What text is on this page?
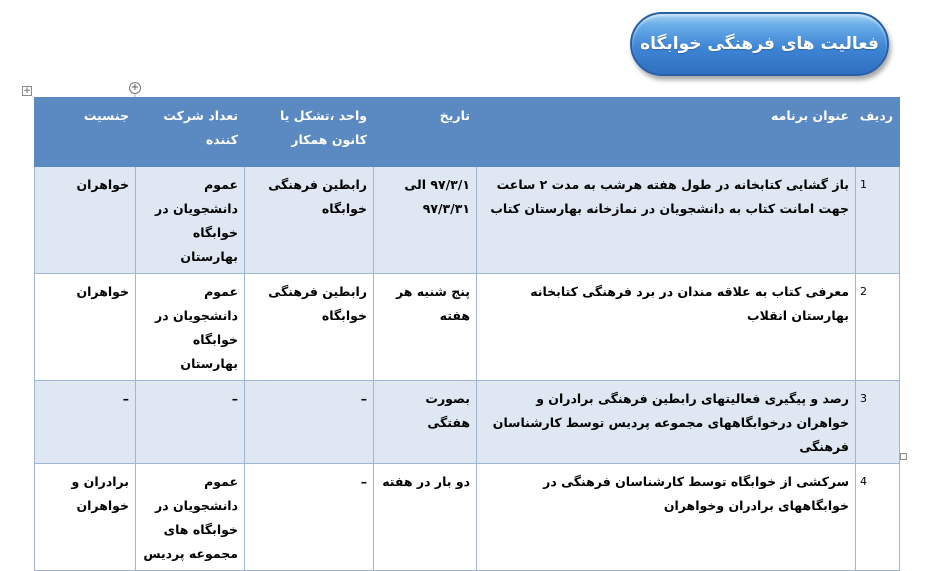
فعالیت های فرهنگی خوابگاه
+	+
ردیف	عنوان برنامه	تاریخ	واحد ،تشکل یا کانون همکار	تعداد شرکت کننده	جنسیت
1	باز گشایی کتابخانه در طول هفته هرشب به مدت ۲ ساعت جهت امانت کتاب به دانشجویان در نمازخانه بهارستان کتاب	۹۷/۳/۱ الی ۹۷/۳/۳۱	رابطین فرهنگی خوابگاه	عموم دانشجویان در خوابگاه بهارستان	خواهران
2	معرفی کتاب به علاقه مندان در برد فرهنگی کتابخانه بهارستان انقلاب	پنج شنبه هر هفته	رابطین فرهنگی خوابگاه	عموم دانشجویان در خوابگاه بهارستان	خواهران
3	رصد و پیگیری فعالیتهای رابطین فرهنگی برادران و خواهران درخوابگاههای مجموعه پردیس توسط کارشناسان فرهنگی	بصورت هفتگی	–	–	–
4	سرکشی از خوابگاه توسط کارشناسان فرهنگی در خوابگاههای برادران وخواهران	دو بار در هفته	–	عموم دانشجویان در خوابگاه های مجموعه پردیس	برادران و خواهران
